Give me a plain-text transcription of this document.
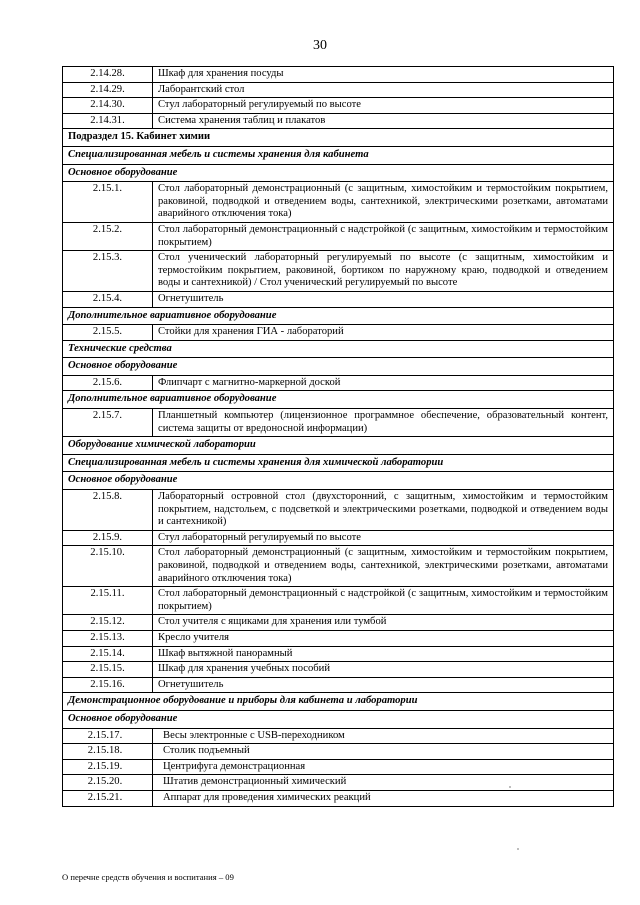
30
2.14.28.	Шкаф для хранения посуды
2.14.29.	Лаборантский стол
2.14.30.	Стул лабораторный регулируемый по высоте
2.14.31.	Система хранения таблиц и плакатов
Подраздел 15. Кабинет химии	
Специализированная мебель и системы хранения для кабинета	
Основное оборудование	
2.15.1.	Стол лабораторный демонстрационный (с защитным, химостойким и термостойким покрытием, раковиной, подводкой и отведением воды, сантехникой, электрическими розетками, автоматами аварийного отключения тока)
2.15.2.	Стол лабораторный демонстрационный с надстройкой (с защитным, химостойким и термостойким покрытием)
2.15.3.	Стол ученический лабораторный регулируемый по высоте (с защитным, химостойким и термостойким покрытием, раковиной, бортиком по наружному краю, подводкой и отведением воды и сантехникой) / Стол ученический регулируемый по высоте
2.15.4.	Огнетушитель
Дополнительное вариативное оборудование	
2.15.5.	Стойки для хранения ГИА - лабораторий
Технические средства	
Основное оборудование	
2.15.6.	Флипчарт с магнитно-маркерной доской
Дополнительное вариативное оборудование	
2.15.7.	Планшетный компьютер (лицензионное программное обеспечение, образовательный контент, система защиты от вредоносной информации)
Оборудование химической лаборатории	
Специализированная мебель и системы хранения для химической лаборатории	
Основное оборудование	
2.15.8.	Лабораторный островной стол (двухсторонний, с защитным, химостойким и термостойким покрытием, надстольем, с подсветкой и электрическими розетками, подводкой и отведением воды и сантехникой)
2.15.9.	Стул лабораторный регулируемый по высоте
2.15.10.	Стол лабораторный демонстрационный (с защитным, химостойким и термостойким покрытием, раковиной, подводкой и отведением воды, сантехникой, электрическими розетками, автоматами аварийного отключения тока)
2.15.11.	Стол лабораторный демонстрационный с надстройкой (с защитным, химостойким и термостойким покрытием)
2.15.12.	Стол учителя с ящиками для хранения или тумбой
2.15.13.	Кресло учителя
2.15.14.	Шкаф вытяжной панорамный
2.15.15.	Шкаф для хранения учебных пособий
2.15.16.	Огнетушитель
Демонстрационное оборудование и приборы для кабинета и лаборатории	
Основное оборудование	
2.15.17.	Весы электронные с USB-переходником
2.15.18.	Столик подъемный
2.15.19.	Центрифуга демонстрационная
2.15.20.	Штатив демонстрационный химический
2.15.21.	Аппарат для проведения химических реакций
О перечне средств обучения и воспитания – 09
